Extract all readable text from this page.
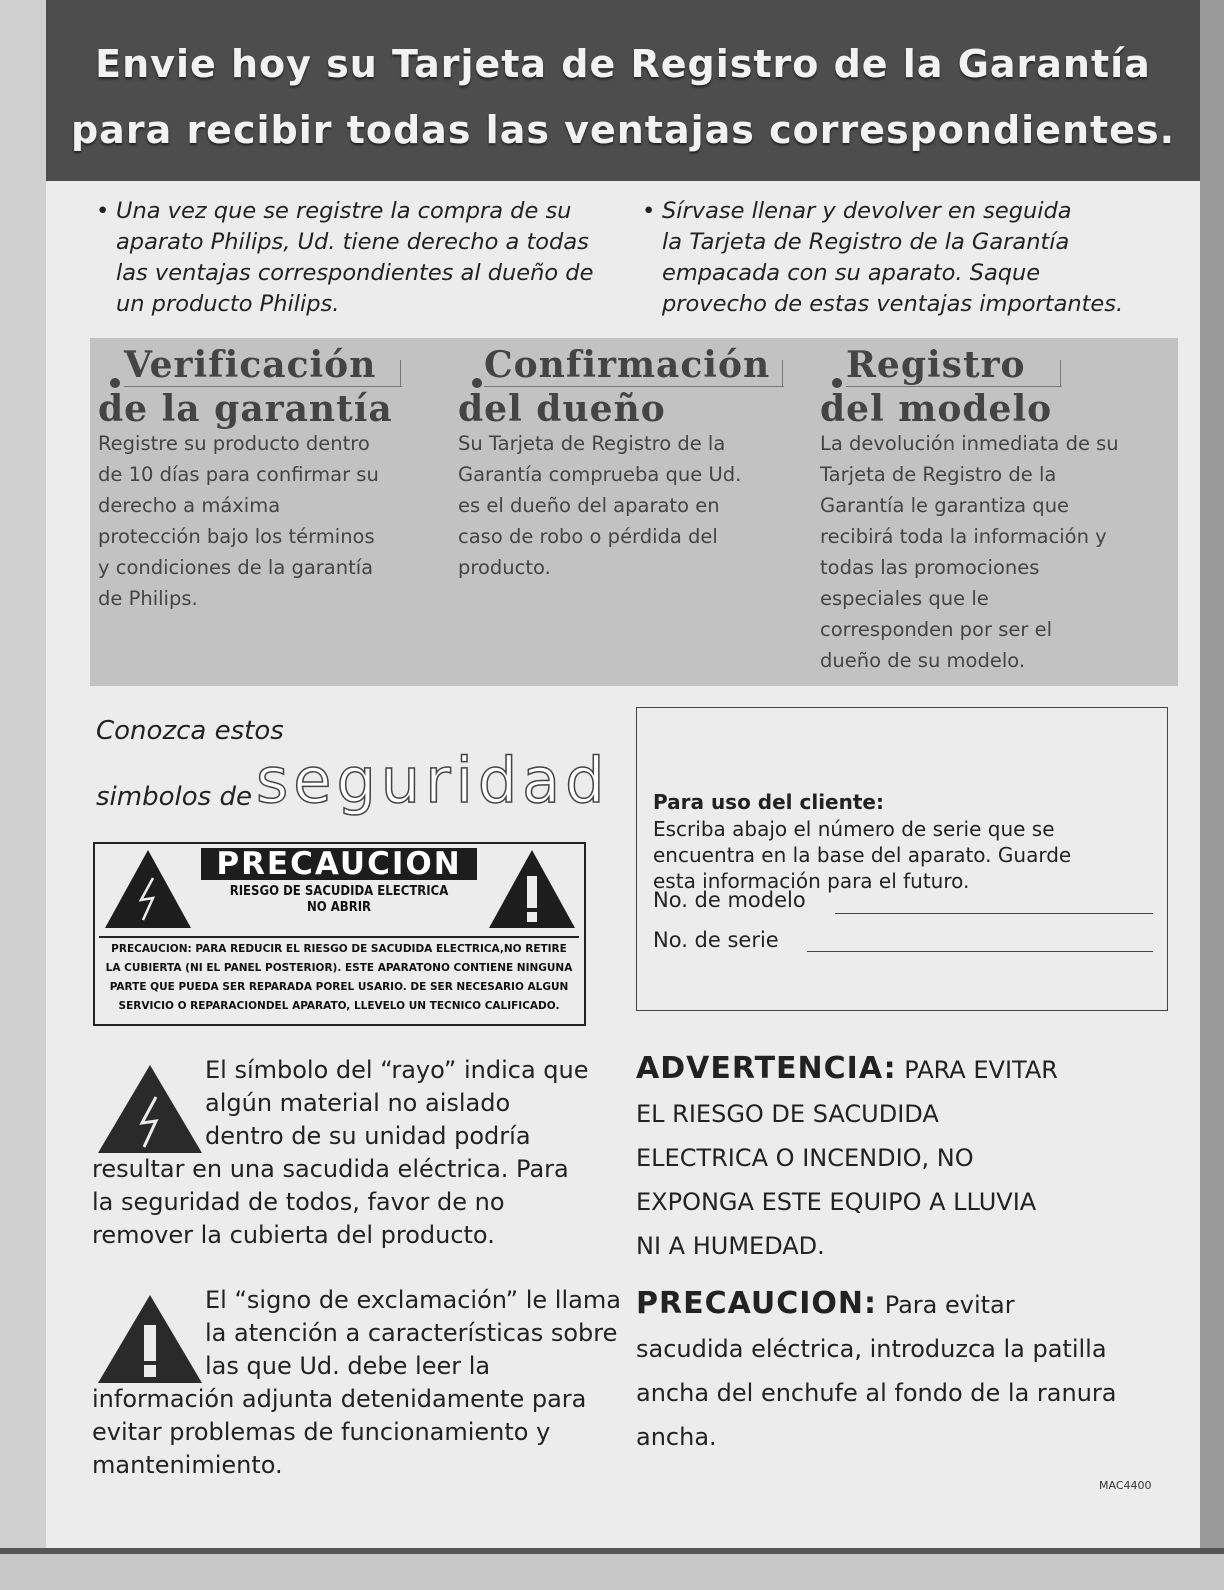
Envie hoy su Tarjeta de Registro de la Garantía
para recibir todas las ventajas correspondientes.
• Una vez que se registre la compra de su
aparato Philips, Ud. tiene derecho a todas
las ventajas correspondientes al dueño de
un producto Philips.
• Sírvase llenar y devolver en seguida
la Tarjeta de Registro de la Garantía
empacada con su aparato. Saque
provecho de estas ventajas importantes.
Verificación
de la garantía
Registre su producto dentro
de 10 días para confirmar su
derecho a máxima
protección bajo los términos
y condiciones de la garantía
de Philips.
Confirmación
del dueño
Su Tarjeta de Registro de la
Garantía comprueba que Ud.
es el dueño del aparato en
caso de robo o pérdida del
producto.
Registro
del modelo
La devolución inmediata de su
Tarjeta de Registro de la
Garantía le garantiza que
recibirá toda la información y
todas las promociones
especiales que le
corresponden por ser el
dueño de su modelo.
Conozca estos
simbolos de seguridad
PRECAUCION
RIESGO DE SACUDIDA ELECTRICA
NO ABRIR
PRECAUCION: PARA REDUCIR EL RIESGO DE SACUDIDA ELECTRICA,NO RETIRE
LA CUBIERTA (NI EL PANEL POSTERIOR). ESTE APARATONO CONTIENE NINGUNA
PARTE QUE PUEDA SER REPARADA POREL USARIO. DE SER NECESARIO ALGUN
SERVICIO O REPARACIONDEL APARATO, LLEVELO UN TECNICO CALIFICADO.
Para uso del cliente:
Escriba abajo el número de serie que se
encuentra en la base del aparato. Guarde
esta información para el futuro.
No. de modelo
No. de serie
El símbolo del “rayo” indica que
algún material no aislado
dentro de su unidad podría
resultar en una sacudida eléctrica. Para
la seguridad de todos, favor de no
remover la cubierta del producto.
El “signo de exclamación” le llama
la atención a características sobre
las que Ud. debe leer la
información adjunta detenidamente para
evitar problemas de funcionamiento y
mantenimiento.
ADVERTENCIA: PARA EVITAR
EL RIESGO DE SACUDIDA
ELECTRICA O INCENDIO, NO
EXPONGA ESTE EQUIPO A LLUVIA
NI A HUMEDAD.
PRECAUCION: Para evitar
sacudida eléctrica, introduzca la patilla
ancha del enchufe al fondo de la ranura
ancha.
MAC4400
